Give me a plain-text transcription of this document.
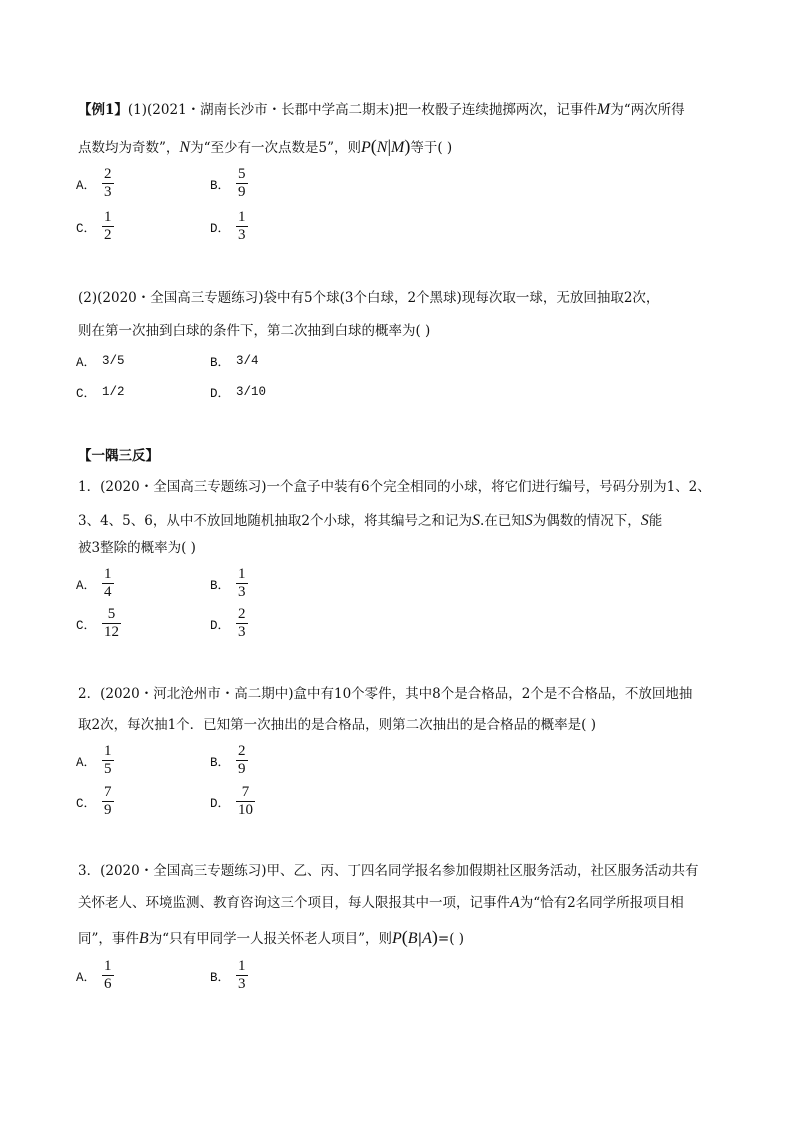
【例1】(1)(2021・湖南长沙市・长郡中学高二期末)把一枚骰子连续抛掷两次，记事件M为“两次所得
点数均为奇数”，N为“至少有一次点数是5”，则P(N|M)等于( )
A． $\frac{2}{3}$	B． $\frac{5}{9}$
C． $\frac{1}{2}$	D． $\frac{1}{3}$
(2)(2020・全国高三专题练习)袋中有5个球(3个白球，2个黑球)现每次取一球，无放回抽取2次，
则在第一次抽到白球的条件下，第二次抽到白球的概率为( )
A． 3/5	B． 3/4
C． 1/2	D． 3/10
【一隅三反】
1．(2020・全国高三专题练习)一个盒子中装有6个完全相同的小球，将它们进行编号，号码分别为1、2、
3、4、5、6，从中不放回地随机抽取2个小球，将其编号之和记为S.在已知S为偶数的情况下，S能
被3整除的概率为( )
A． $\frac{1}{4}$	B． $\frac{1}{3}$
C． $\frac{5}{12}$	D． $\frac{2}{3}$
2．(2020・河北沧州市・高二期中)盒中有10个零件，其中8个是合格品，2个是不合格品，不放回地抽
取2次，每次抽1个．已知第一次抽出的是合格品，则第二次抽出的是合格品的概率是( )
A． $\frac{1}{5}$	B． $\frac{2}{9}$
C． $\frac{7}{9}$	D． $\frac{7}{10}$
3．(2020・全国高三专题练习)甲、乙、丙、丁四名同学报名参加假期社区服务活动，社区服务活动共有
关怀老人、环境监测、教育咨询这三个项目，每人限报其中一项，记事件A为“恰有2名同学所报项目相
同”，事件B为“只有甲同学一人报关怀老人项目”，则P(B|A)=( )
A． $\frac{1}{6}$	B． $\frac{1}{3}$
